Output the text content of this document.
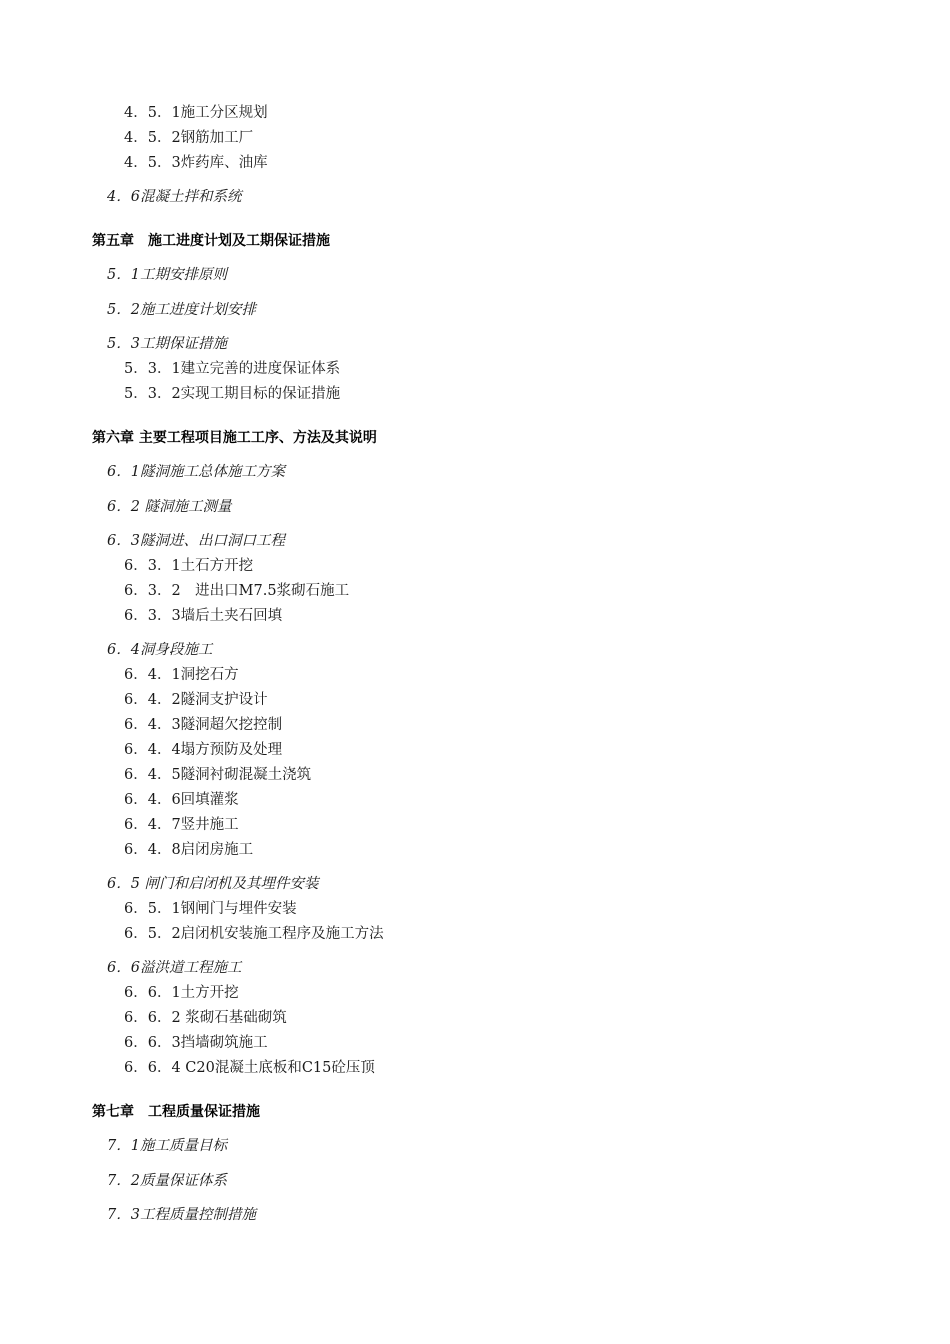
4．5．1施工分区规划
4．5．2钢筋加工厂
4．5．3炸药库、油库
4．6混凝土拌和系统
第五章　施工进度计划及工期保证措施
5．1工期安排原则
5．2施工进度计划安排
5．3工期保证措施
5．3．1建立完善的进度保证体系
5．3．2实现工期目标的保证措施
第六章 主要工程项目施工工序、方法及其说明
6．1隧洞施工总体施工方案
6．2 隧洞施工测量
6．3隧洞进、出口洞口工程
6．3．1土石方开挖
6．3．2　进出口M7.5浆砌石施工
6．3．3墙后土夹石回填
6．4洞身段施工
6．4．1洞挖石方
6．4．2隧洞支护设计
6．4．3隧洞超欠挖控制
6．4．4塌方预防及处理
6．4．5隧洞衬砌混凝土浇筑
6．4．6回填灌浆
6．4．7竖井施工
6．4．8启闭房施工
6．5 闸门和启闭机及其埋件安装
6．5．1钢闸门与埋件安装
6．5．2启闭机安装施工程序及施工方法
6．6溢洪道工程施工
6．6．1土方开挖
6．6．2 浆砌石基础砌筑
6．6．3挡墙砌筑施工
6．6．4 C20混凝土底板和C15砼压顶
第七章　工程质量保证措施
7．1施工质量目标
7．2质量保证体系
7．3工程质量控制措施
